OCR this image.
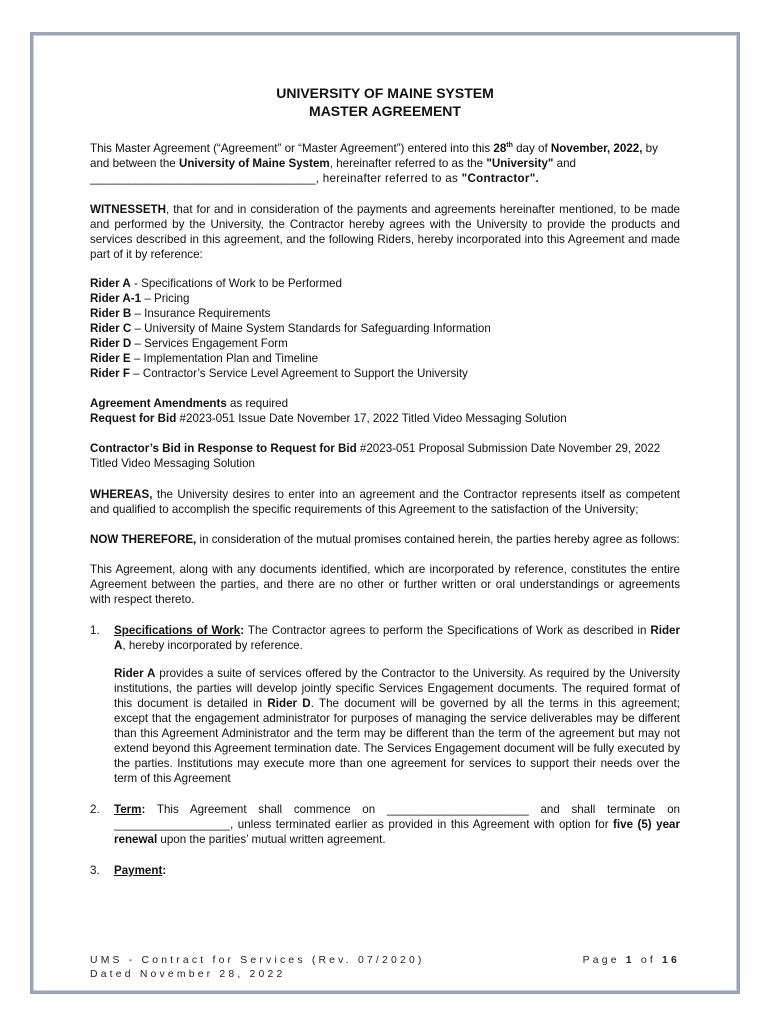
UNIVERSITY OF MAINE SYSTEM

MASTER AGREEMENT

This Master Agreement (“Agreement” or “Master Agreement”) entered into this 28th day of November, 2022, by and between the University of Maine System, hereinafter referred to as the "University" and
___________________________________, hereinafter referred to as "Contractor".

WITNESSETH, that for and in consideration of the payments and agreements hereinafter mentioned, to be made and performed by the University, the Contractor hereby agrees with the University to provide the products and services described in this agreement, and the following Riders, hereby incorporated into this Agreement and made part of it by reference:

Rider A - Specifications of Work to be Performed
Rider A-1 – Pricing
Rider B – Insurance Requirements
Rider C – University of Maine System Standards for Safeguarding Information
Rider D – Services Engagement Form
Rider E – Implementation Plan and Timeline
Rider F – Contractor’s Service Level Agreement to Support the University
Agreement Amendments as required
Request for Bid #2023-051 Issue Date November 17, 2022 Titled Video Messaging Solution

Contractor’s Bid in Response to Request for Bid #2023-051 Proposal Submission Date November 29, 2022 Titled Video Messaging Solution

WHEREAS, the University desires to enter into an agreement and the Contractor represents itself as competent and qualified to accomplish the specific requirements of this Agreement to the satisfaction of the University;

NOW THEREFORE, in consideration of the mutual promises contained herein, the parties hereby agree as follows:

This Agreement, along with any documents identified, which are incorporated by reference, constitutes the entire Agreement between the parties, and there are no other or further written or oral understandings or agreements with respect thereto.

1. Specifications of Work: The Contractor agrees to perform the Specifications of Work as described in Rider A, hereby incorporated by reference.

Rider A provides a suite of services offered by the Contractor to the University. As required by the University institutions, the parties will develop jointly specific Services Engagement documents. The required format of this document is detailed in Rider D. The document will be governed by all the terms in this agreement; except that the engagement administrator for purposes of managing the service deliverables may be different than this Agreement Administrator and the term may be different than the term of the agreement but may not extend beyond this Agreement termination date. The Services Engagement document will be fully executed by the parties. Institutions may execute more than one agreement for services to support their needs over the term of this Agreement

2. Term: This Agreement shall commence on ______________________ and shall terminate on __________________, unless terminated earlier as provided in this Agreement with option for five (5) year renewal upon the parities’ mutual written agreement.

3. Payment:

UMS - Contract for Services (Rev. 07/2020)
Dated November 28, 2022
Page 1 of 16
